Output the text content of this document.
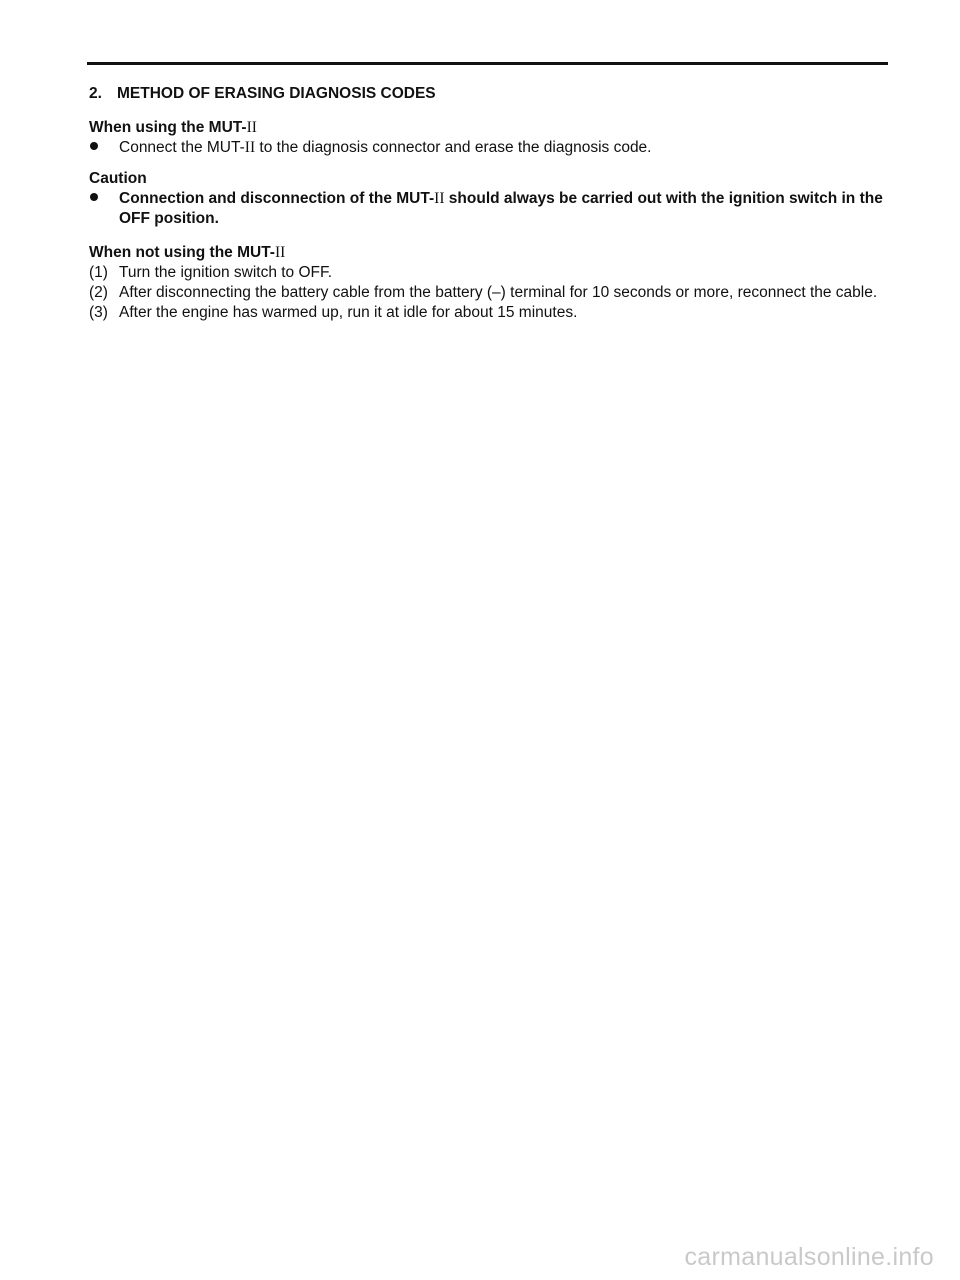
2. METHOD OF ERASING DIAGNOSIS CODES
When using the MUT-II
Connect the MUT-II to the diagnosis connector and erase the diagnosis code.
Caution
Connection and disconnection of the MUT-II should always be carried out with the ignition switch in the OFF position.
When not using the MUT-II
(1) Turn the ignition switch to OFF.
(2) After disconnecting the battery cable from the battery (–) terminal for 10 seconds or more, reconnect the cable.
(3) After the engine has warmed up, run it at idle for about 15 minutes.
carmanualsonline.info
